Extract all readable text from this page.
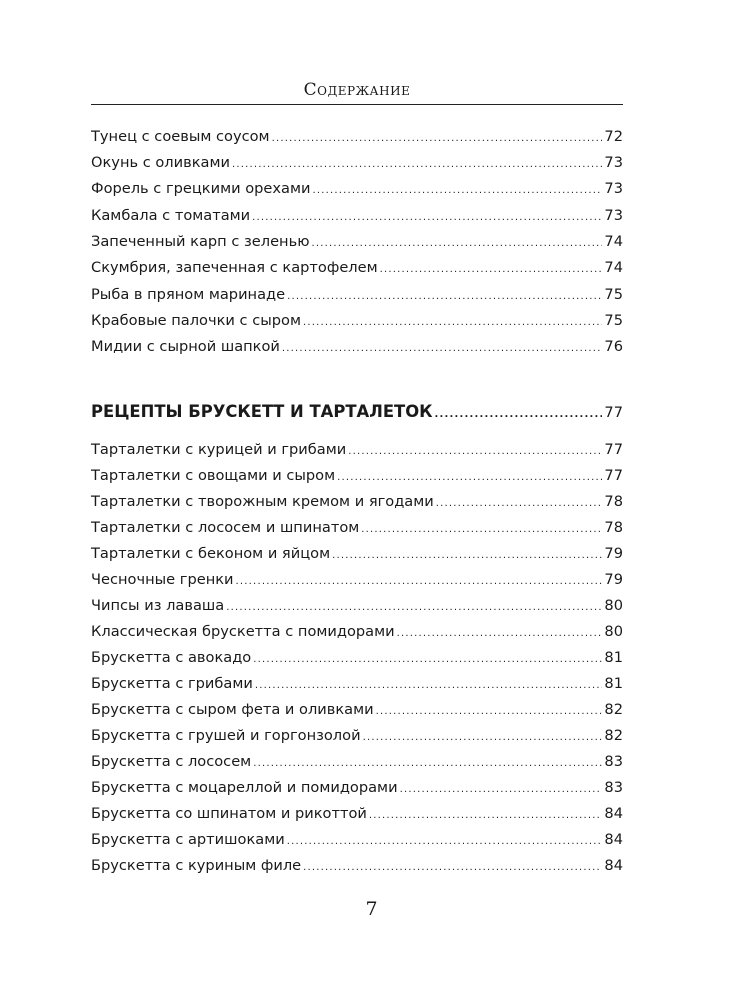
Содержание
Тунец с соевым соусом .....	72
Окунь с оливками .....	73
Форель с грецкими орехами .....	73
Камбала с томатами .....	73
Запеченный карп с зеленью .....	74
Скумбрия, запеченная с картофелем .....	74
Рыба в пряном маринаде .....	75
Крабовые палочки с сыром .....	75
Мидии с сырной шапкой .....	76
РЕЦЕПТЫ БРУСКЕТТ И ТАРТАЛЕТОК .....	77
Тарталетки с курицей и грибами .....	77
Тарталетки с овощами и сыром .....	77
Тарталетки с творожным кремом и ягодами .....	78
Тарталетки с лососем и шпинатом .....	78
Тарталетки с беконом и яйцом .....	79
Чесночные гренки .....	79
Чипсы из лаваша .....	80
Классическая брускетта с помидорами .....	80
Брускетта с авокадо .....	81
Брускетта с грибами .....	81
Брускетта с сыром фета и оливками .....	82
Брускетта с грушей и горгонзолой .....	82
Брускетта с лососем .....	83
Брускетта с моцареллой и помидорами .....	83
Брускетта со шпинатом и рикоттой .....	84
Брускетта с артишоками .....	84
Брускетта с куриным филе .....	84
7
